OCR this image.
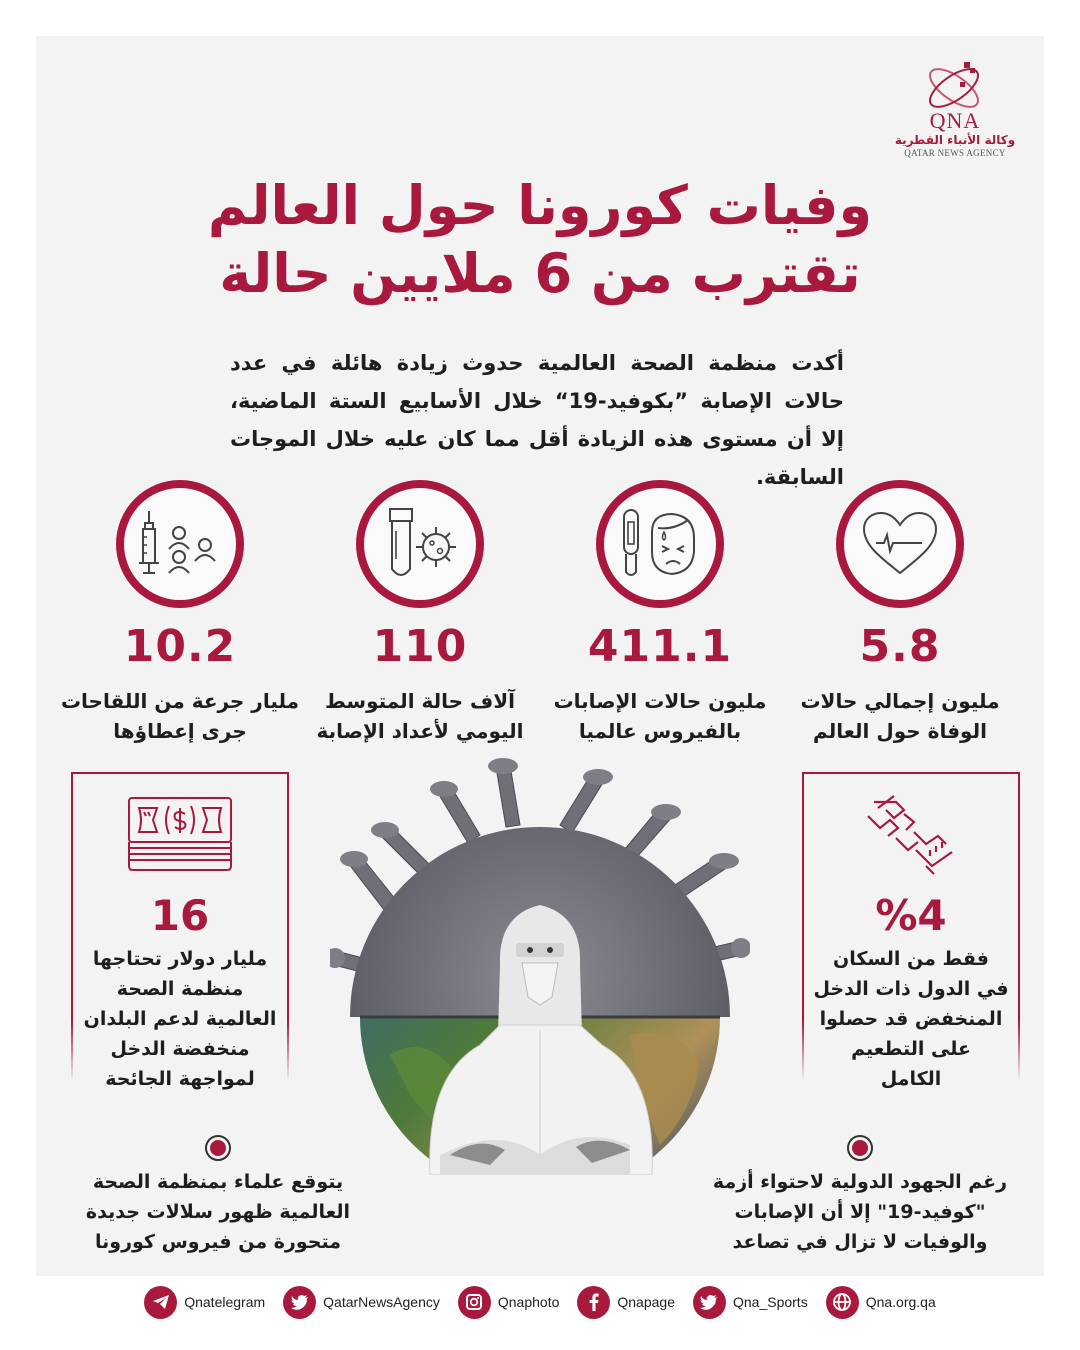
QNA
وكالة الأنباء القطرية
QATAR NEWS AGENCY
وفيات كورونا حول العالم
تقترب من 6 ملايين حالة

أكدت منظمة الصحة العالمية حدوث زيادة هائلة في عدد حالات الإصابة ”بكوفيد-19“ خلال الأسابيع الستة الماضية، إلا أن مستوى هذه الزيادة أقل مما كان عليه خلال الموجات السابقة.

5.8
مليون إجمالي حالات
الوفاة حول العالم
411.1
مليون حالات الإصابات
بالفيروس عالميا
110
آلاف حالة المتوسط
اليومي لأعداد الإصابة
10.2
مليار جرعة من اللقاحات
جرى إعطاؤها
%4
فقط من السكان
في الدول ذات الدخل
المنخفض قد حصلوا
على التطعيم
الكامل
16
مليار دولار تحتاجها
منظمة الصحة
العالمية لدعم البلدان
منخفضة الدخل
لمواجهة الجائحة
رغم الجهود الدولية لاحتواء أزمة
"كوفيد-19" إلا أن الإصابات
والوفيات لا تزال في تصاعد
يتوقع علماء بمنظمة الصحة
العالمية ظهور سلالات جديدة
متحورة من فيروس كورونا
Qnatelegram	QatarNewsAgency	Qnaphoto	Qnapage	Qna_Sports	Qna.org.qa
